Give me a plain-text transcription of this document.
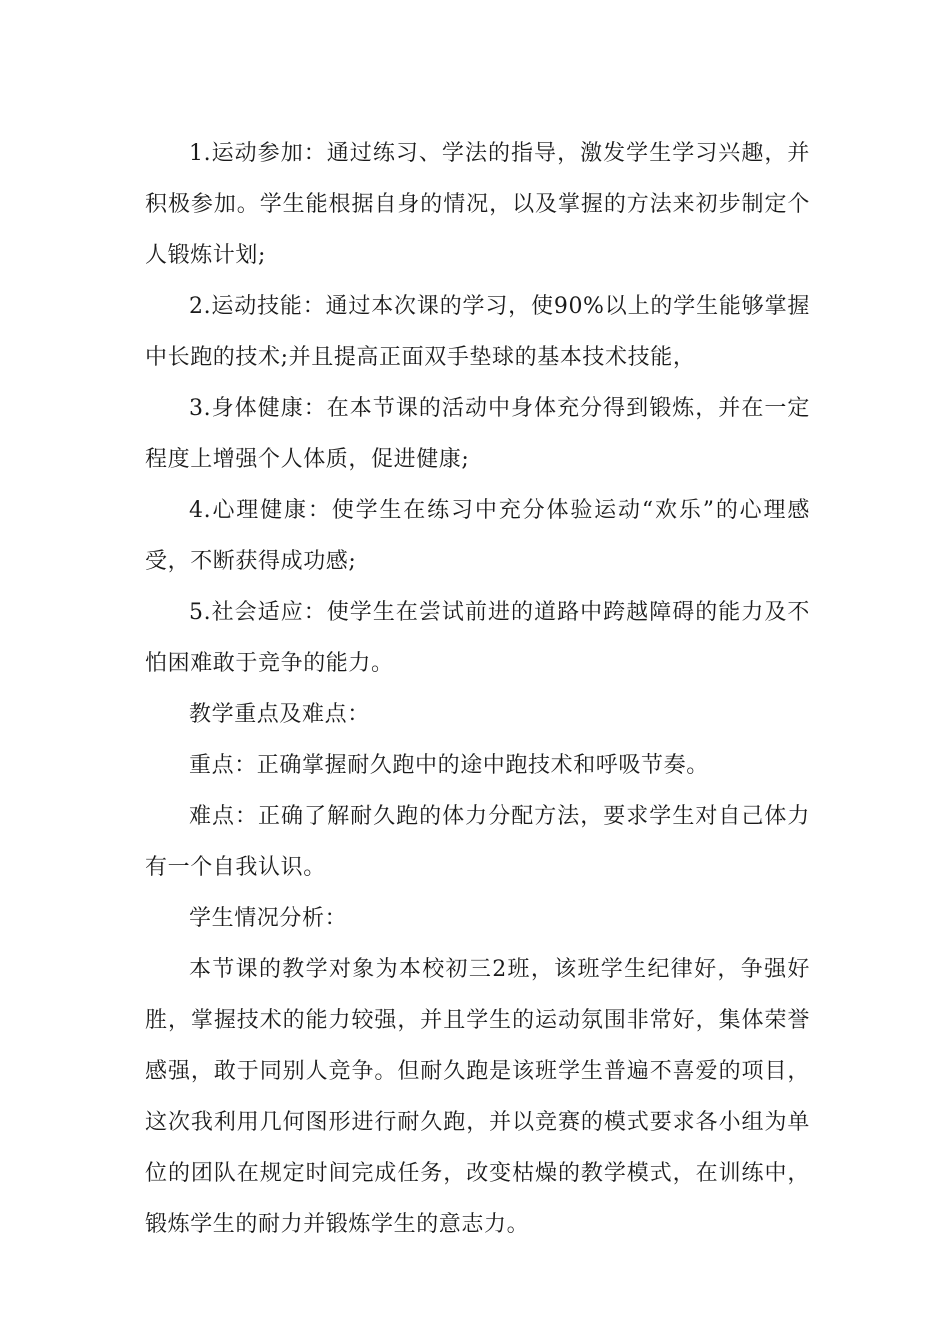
1.运动参加：通过练习、学法的指导，激发学生学习兴趣，并积极参加。学生能根据自身的情况，以及掌握的方法来初步制定个人锻炼计划;

2.运动技能：通过本次课的学习，使90%以上的学生能够掌握中长跑的技术;并且提高正面双手垫球的基本技术技能，

3.身体健康：在本节课的活动中身体充分得到锻炼，并在一定程度上增强个人体质，促进健康;

4.心理健康：使学生在练习中充分体验运动“欢乐”的心理感受，不断获得成功感;

5.社会适应：使学生在尝试前进的道路中跨越障碍的能力及不怕困难敢于竞争的能力。

教学重点及难点：

重点：正确掌握耐久跑中的途中跑技术和呼吸节奏。

难点：正确了解耐久跑的体力分配方法，要求学生对自己体力有一个自我认识。

学生情况分析：

本节课的教学对象为本校初三2班，该班学生纪律好，争强好胜，掌握技术的能力较强，并且学生的运动氛围非常好，集体荣誉感强，敢于同别人竞争。但耐久跑是该班学生普遍不喜爱的项目，这次我利用几何图形进行耐久跑，并以竞赛的模式要求各小组为单位的团队在规定时间完成任务，改变枯燥的教学模式，在训练中，锻炼学生的耐力并锻炼学生的意志力。
